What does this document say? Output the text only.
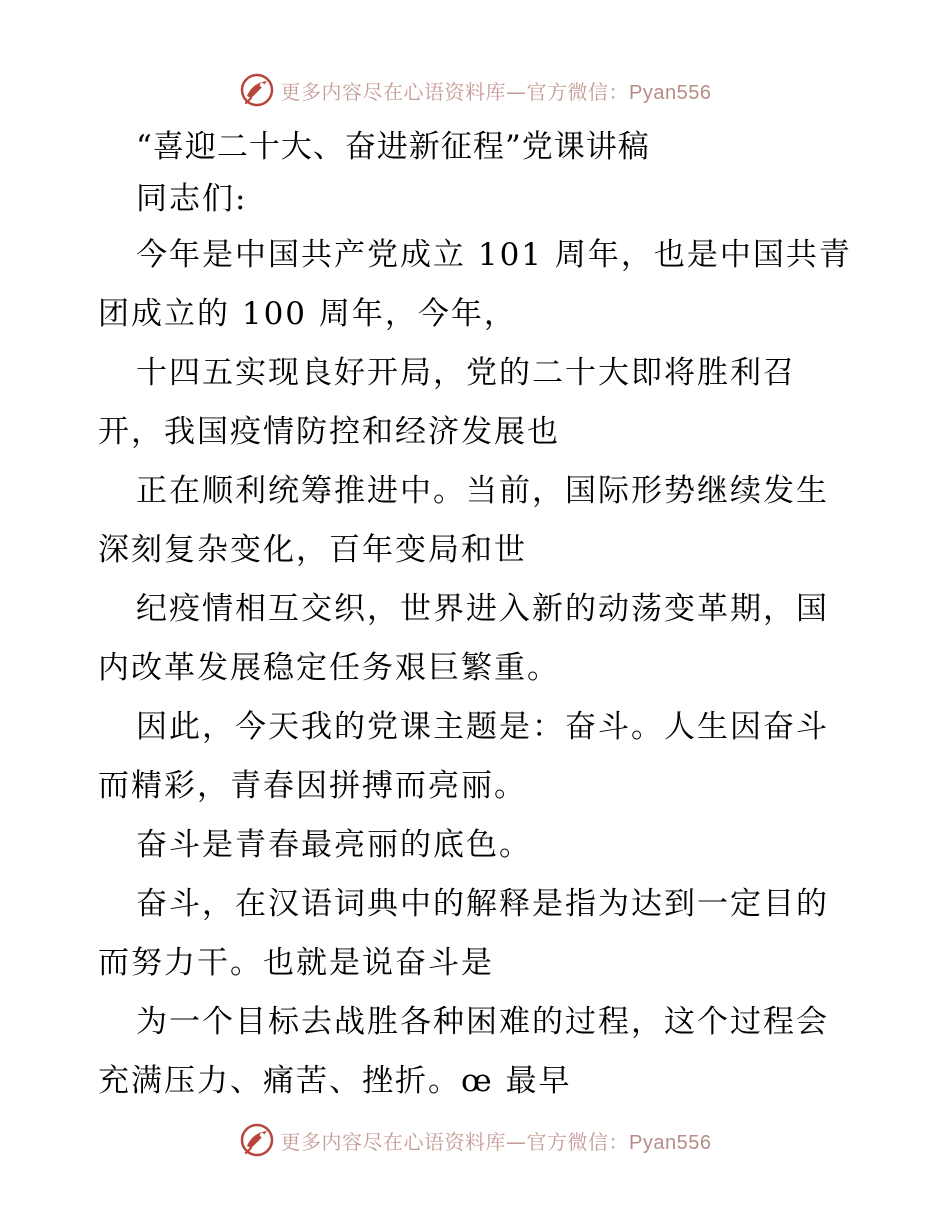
更多内容尽在心语资料库—官方微信：Pyan556
“喜迎二十大、奋进新征程”党课讲稿

同志们:

今年是中国共产党成立 101 周年，也是中国共青团成立的 100 周年，今年，

十四五实现良好开局，党的二十大即将胜利召开，我国疫情防控和经济发展也

正在顺利统筹推进中。当前，国际形势继续发生深刻复杂变化，百年变局和世

纪疫情相互交织，世界进入新的动荡变革期，国内改革发展稳定任务艰巨繁重。

因此，今天我的党课主题是：奋斗。人生因奋斗而精彩，青春因拼搏而亮丽。

奋斗是青春最亮丽的底色。

奋斗，在汉语词典中的解释是指为达到一定目的而努力干。也就是说奋斗是

为一个目标去战胜各种困难的过程，这个过程会充满压力、痛苦、挫折。œ 最早

更多内容尽在心语资料库—官方微信：Pyan556
